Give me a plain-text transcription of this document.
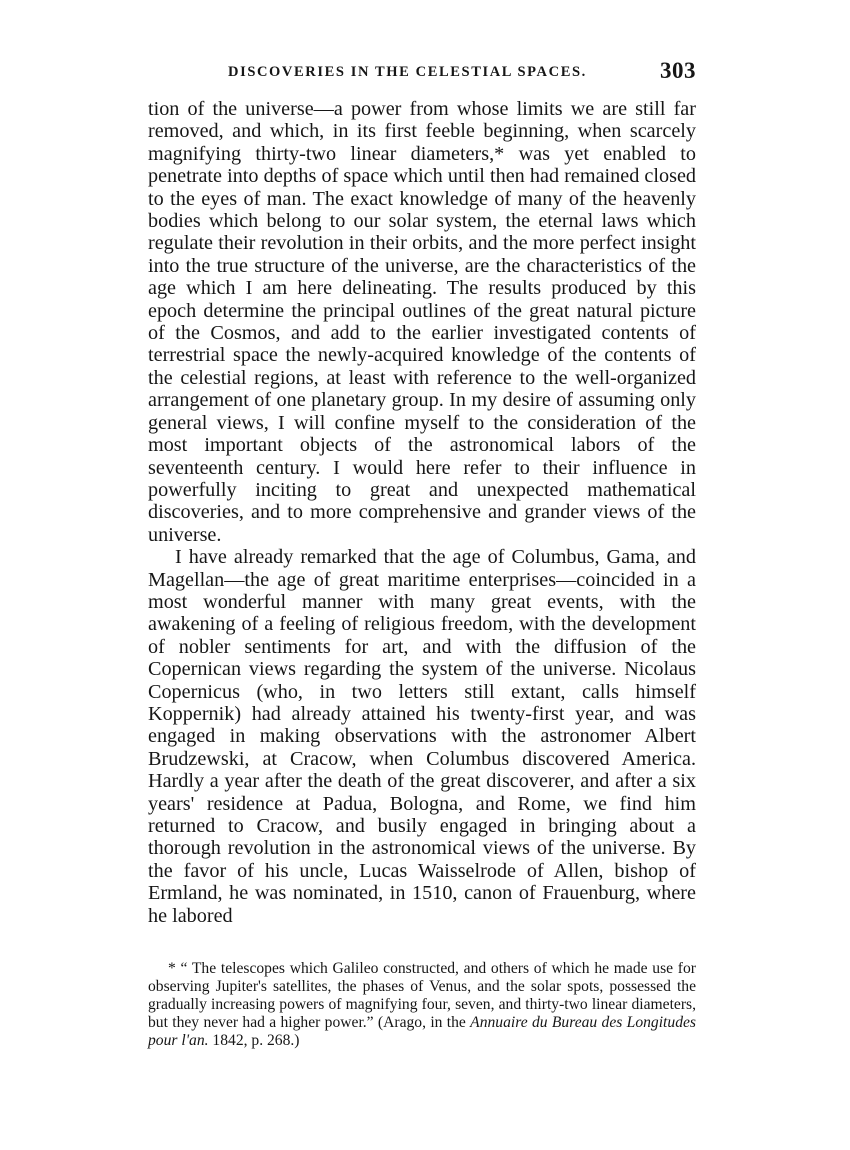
DISCOVERIES IN THE CELESTIAL SPACES.	303

tion of the universe—a power from whose limits we are still far removed, and which, in its first feeble beginning, when scarcely magnifying thirty-two linear diameters,* was yet enabled to penetrate into depths of space which until then had remained closed to the eyes of man. The exact knowledge of many of the heavenly bodies which belong to our solar system, the eternal laws which regulate their revolution in their orbits, and the more perfect insight into the true structure of the universe, are the characteristics of the age which I am here delineating. The results produced by this epoch determine the principal outlines of the great natural picture of the Cosmos, and add to the earlier investigated contents of terrestrial space the newly-acquired knowledge of the contents of the celestial regions, at least with reference to the well-organized arrangement of one planetary group. In my desire of assuming only general views, I will confine myself to the consideration of the most important objects of the astronomical labors of the seventeenth century. I would here refer to their influence in powerfully inciting to great and unexpected mathematical discoveries, and to more comprehensive and grander views of the universe.

I have already remarked that the age of Columbus, Gama, and Magellan—the age of great maritime enterprises—coincided in a most wonderful manner with many great events, with the awakening of a feeling of religious freedom, with the development of nobler sentiments for art, and with the diffusion of the Copernican views regarding the system of the universe. Nicolaus Copernicus (who, in two letters still extant, calls himself Koppernik) had already attained his twenty-first year, and was engaged in making observations with the astronomer Albert Brudzewski, at Cracow, when Columbus discovered America. Hardly a year after the death of the great discoverer, and after a six years' residence at Padua, Bologna, and Rome, we find him returned to Cracow, and busily engaged in bringing about a thorough revolution in the astronomical views of the universe. By the favor of his uncle, Lucas Waisselrode of Allen, bishop of Ermland, he was nominated, in 1510, canon of Frauenburg, where he labored

* “ The telescopes which Galileo constructed, and others of which he made use for observing Jupiter's satellites, the phases of Venus, and the solar spots, possessed the gradually increasing powers of magnifying four, seven, and thirty-two linear diameters, but they never had a higher power.” (Arago, in the Annuaire du Bureau des Longitudes pour l'an. 1842, p. 268.)
